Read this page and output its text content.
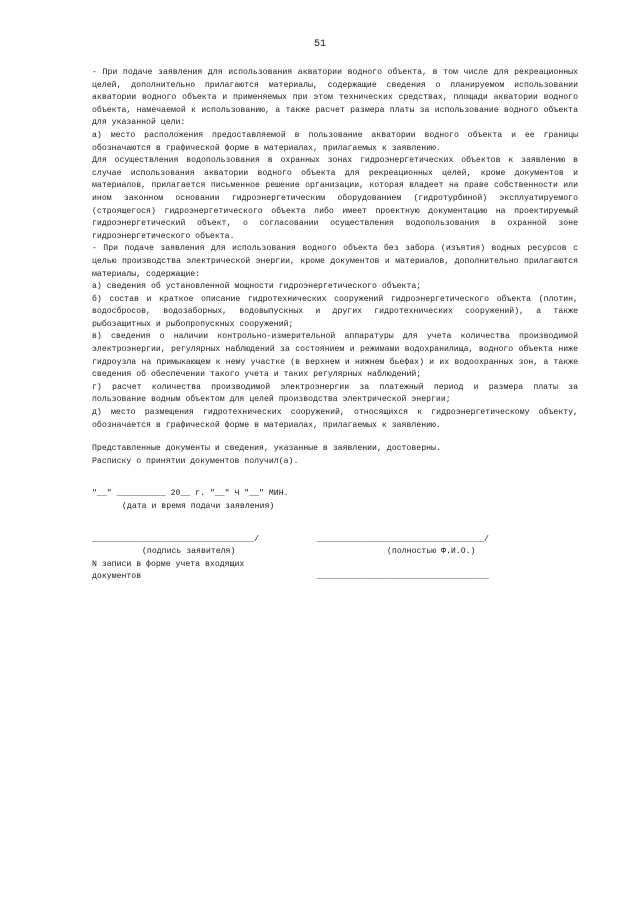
51

- При подаче заявления для использования акватории водного объекта, в том числе для рекреационных целей, дополнительно прилагаются материалы, содержащие сведения о планируемом использовании акватории водного объекта и применяемых при этом технических средствах, площади акватории водного объекта, намечаемой к использованию, а также расчет размера платы за использование водного объекта для указанной цели:

а) место расположения предоставляемой в пользование акватории водного объекта и ее границы обозначаются в графической форме в материалах, прилагаемых к заявлению.

Для осуществления водопользования в охранных зонах гидроэнергетических объектов к заявлению в случае использования акватории водного объекта для рекреационных целей, кроме документов и материалов, прилагается письменное решение организации, которая владеет на праве собственности или ином законном основании гидроэнергетическим оборудованием (гидротурбиной) эксплуатируемого (строящегося) гидроэнергетического объекта либо имеет проектную документацию на проектируемый гидроэнергетический объект, о согласовании осуществления водопользования в охранной зоне гидроэнергетического объекта.

- При подаче заявления для использования водного объекта без забора (изъятия) водных ресурсов с целью производства электрической энергии, кроме документов и материалов, дополнительно прилагаются материалы, содержащие:

а) сведения об установленной мощности гидроэнергетического объекта;

б) состав и краткое описание гидротехнических сооружений гидроэнергетического объекта (плотин, водосбросов, водозаборных, водовыпускных и других гидротехнических сооружений), а также рыбозащитных и рыбопропускных сооружений;

в) сведения о наличии контрольно-измерительной аппаратуры для учета количества производимой электроэнергии, регулярных наблюдений за состоянием и режимами водохранилища, водного объекта ниже гидроузла на примыкающем к нему участке (в верхнем и нижнем бьефах) и их водоохранных зон, а также сведения об обеспечении такого учета и таких регулярных наблюдений;

г) расчет количества производимой электроэнергии за платежный период и размера платы за пользование водным объектом для целей производства электрической энергии;

д) место размещения гидротехнических сооружений, относящихся к гидроэнергетическому объекту, обозначается в графической форме в материалах, прилагаемых к заявлению.

Представленные документы и сведения, указанные в заявлении, достоверны.

Расписку о принятии документов получил(а).

"__" __________ 20__ г. "__" Ч "__" МИН.
(дата и время подачи заявления)
_________________________________/	__________________________________/
(подпись заявителя)	(полностью Ф.И.О.)
N записи в форме учета входящих
документов	___________________________________
